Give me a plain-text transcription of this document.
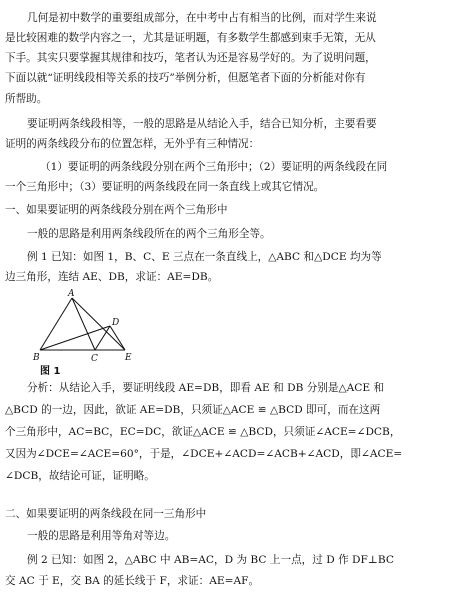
几何是初中数学的重要组成部分，在中考中占有相当的比例，而对学生来说
是比较困难的数学内容之一，尤其是证明题，有多数学生都感到束手无策，无从
下手。其实只要掌握其规律和技巧，笔者认为还是容易学好的。为了说明问题，
下面以就“证明线段相等关系的技巧”举例分析，但愿笔者下面的分析能对你有
所帮助。
要证明两条线段相等，一般的思路是从结论入手，结合已知分析，主要看要
证明的两条线段分布的位置怎样，无外乎有三种情况：
（1）要证明的两条线段分别在两个三角形中；（2）要证明的两条线段在同
一个三角形中；（3）要证明的两条线段在同一条直线上或其它情况。
一、如果要证明的两条线段分别在两个三角形中
一般的思路是利用两条线段所在的两个三角形全等。
例 1 已知：如图 1，B、C、E 三点在一条直线上，△ABC 和△DCE 均为等
边三角形，连结 AE、DB，求证：AE=DB。
A
B	C
D
E
图 1
分析：从结论入手，要证明线段 AE=DB，即看 AE 和 DB 分别是△ACE 和
△BCD 的一边，因此，欲证 AE=DB，只须证△ACE ≌ △BCD 即可，而在这两
个三角形中，AC=BC，EC=DC，欲证△ACE ≌ △BCD，只须证∠ACE=∠DCB，
又因为∠DCE=∠ACE=60°，于是，∠DCE+∠ACD=∠ACB+∠ACD，即∠ACE=
∠DCB，故结论可证，证明略。
二、如果要证明的两条线段在同一三角形中
一般的思路是利用等角对等边。
例 2 已知：如图 2，△ABC 中 AB=AC，D 为 BC 上一点，过 D 作 DF⊥BC
交 AC 于 E，交 BA 的延长线于 F，求证：AE=AF。
